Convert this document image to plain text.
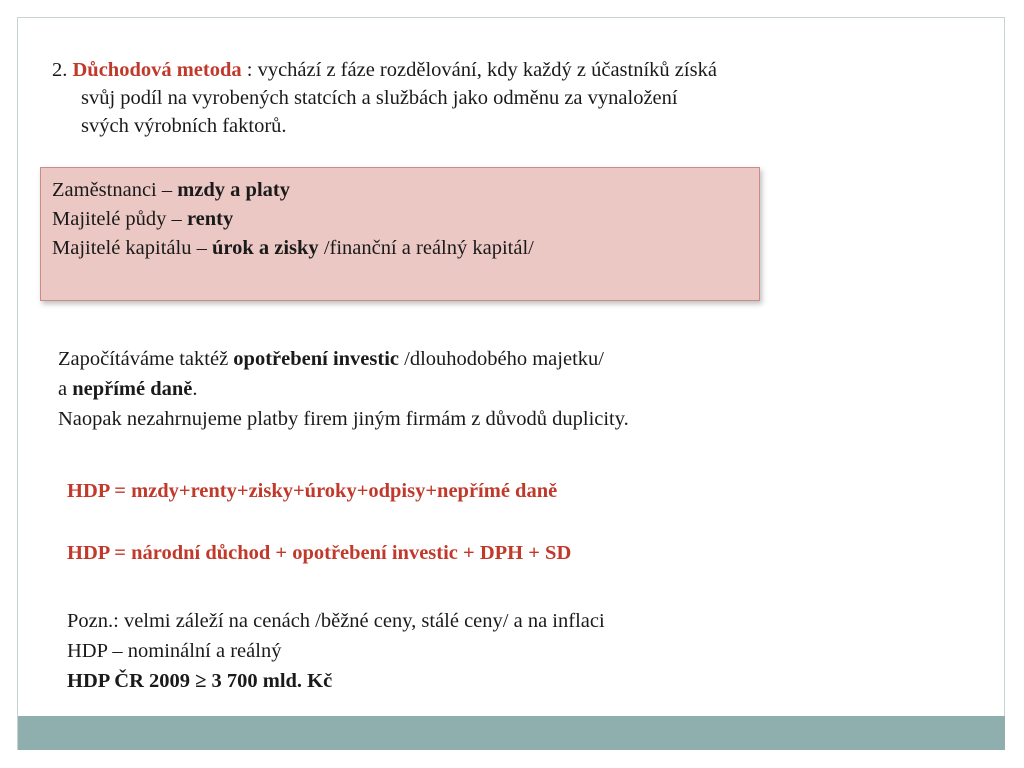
2. Důchodová metoda : vychází z fáze rozdělování, kdy každý z účastníků získá
svůj podíl na vyrobených statcích a službách jako odměnu za vynaložení
svých výrobních faktorů.
Zaměstnanci – mzdy a platy
Majitelé půdy – renty
Majitelé kapitálu – úrok a zisky /finanční a reálný kapitál/
Započítáváme taktéž opotřebení investic /dlouhodobého majetku/
a nepřímé daně.
Naopak nezahrnujeme platby firem jiným firmám z důvodů duplicity.
HDP = mzdy+renty+zisky+úroky+odpisy+nepřímé daně
HDP = národní důchod + opotřebení investic + DPH + SD
Pozn.: velmi záleží na cenách /běžné ceny, stálé ceny/ a na inflaci
HDP – nominální a reálný
HDP ČR 2009 ≥ 3 700 mld. Kč
